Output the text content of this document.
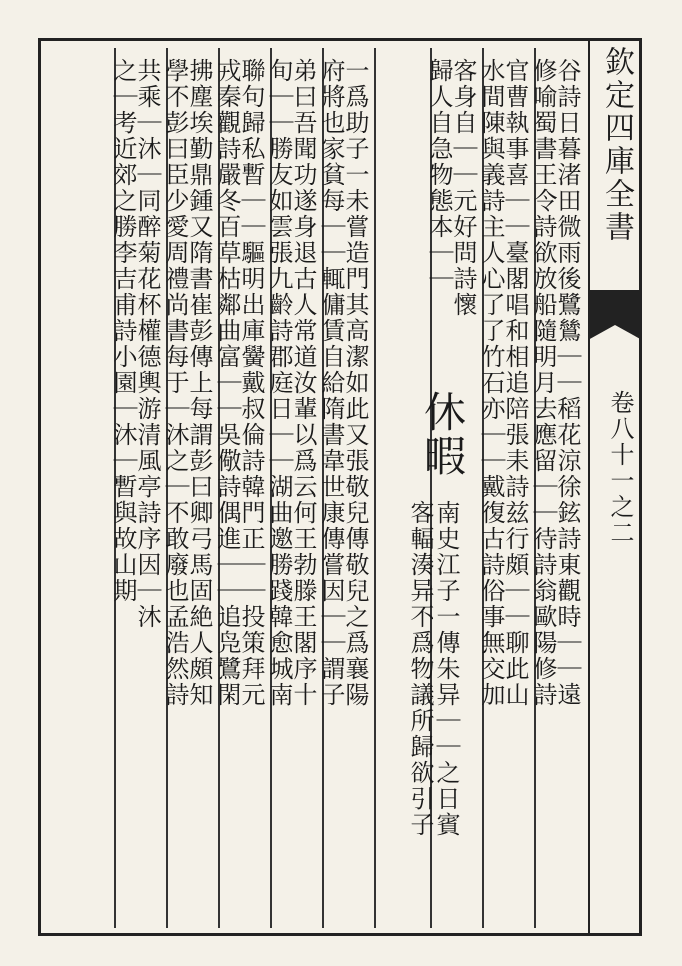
欽定四庫全書
卷八十一之二
谷詩日暮渚田微雨後鷺鷥｜｜稻花涼徐鉉詩東觀時｜｜遠
修喻蜀書王令詩欲放船隨明月去應留｜｜待詩翁歐陽修詩
官曹執事喜｜｜臺閣唱和相追陪張耒詩兹行頗｜｜聊此山
水間陳與義詩主人心了了竹石亦｜｜戴復古詩俗事無交加
客身自｜｜元好問詩懷
歸人自急物態本｜｜
休暇
南史江子一傳朱异｜｜之日賓
客輻湊异不爲物議所歸欲引子
一爲助子一未嘗造門其高潔如此又張敬兒傳敬兒之爲襄陽
府將也家貧每｜｜輒傭賃自給隋書韋世康傳嘗因｜｜謂子
弟曰吾聞功遂身退古人常道汝輩以爲云何王勃滕王閣序十
旬｜｜勝友如雲張九齡詩郡庭日｜｜湖曲邀勝踐韓愈城南
聯句歸私暫｜｜驅明出庫黌戴叔倫詩韓門正｜｜投策拜元
戎秦觀詩嚴冬百草枯鄰曲富｜｜吳儆詩偶進｜｜追凫鷺閑
拂塵埃勤鼎鍾又隋書崔彭傳上每謂彭曰卿弓馬固絶人頗知
學不彭曰臣少愛周禮尚書每于｜沐之｜不敢廢也孟浩然詩
共乘｜沐｜同醉菊花杯權德輿游清風亭詩序因｜沐
之｜考近郊之勝李吉甫詩小園｜沐｜暫與故山期
